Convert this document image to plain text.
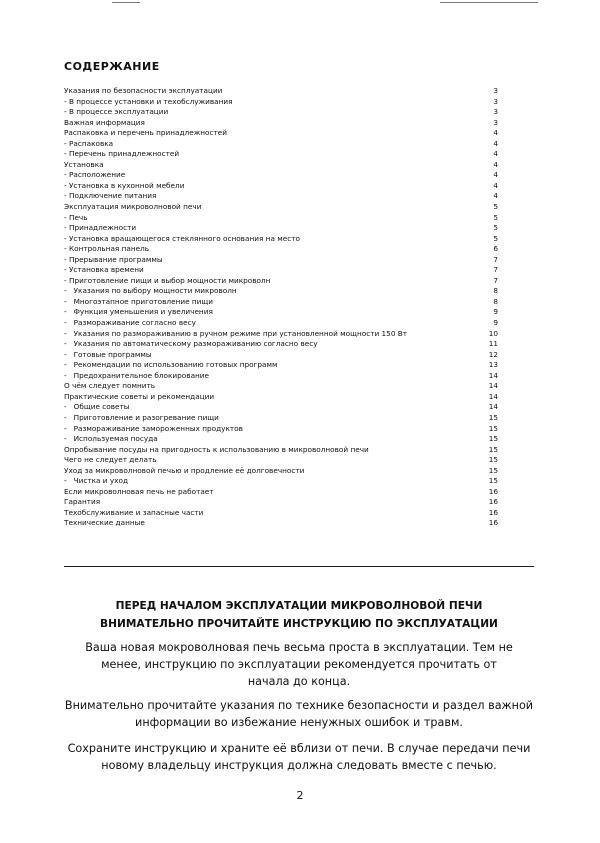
СОДЕРЖАНИЕ
Указания по безопасности эксплуатации	3
- В процессе установки и техобслуживания	3
- В процессе эксплуатации	3
Важная информация	3
Распаковка и перечень принадлежностей	4
- Распаковка	4
- Перечень принадлежностей	4
Установка	4
- Расположение	4
- Установка в кухонной мебели	4
- Подключение питания	4
Эксплуатация микроволновой печи	5
- Печь	5
- Принадлежности	5
- Установка вращающегося стеклянного основания на место	5
- Контрольная панель	6
- Прерывание программы	7
- Установка времени	7
- Приготовление пищи и выбор мощности микроволн	7
-   Указания по выбору мощности микроволн	8
-   Многоэтапное приготовление пищи	8
-   Функция уменьшения и увеличения	9
-   Размораживание согласно весу	9
-   Указания по размораживанию в ручном режиме при установленной мощности 150 Вт	10
-   Указания по автоматическому размораживанию согласно весу	11
-   Готовые программы	12
-   Рекомендации по использованию готовых программ	13
-   Предохранительное блокирование	14
О чём следует помнить	14
Практические советы и рекомендации	14
-   Общие советы	14
-   Приготовление и разогревание пищи	15
-   Размораживание замороженных продуктов	15
-   Используемая посуда	15
Опробывание посуды на пригодность к использованию в микроволновой печи	15
Чего не следует делать	15
Уход за микроволновой печью и продление её долговечности	15
-   Чистка и уход	15
Если микроволновая печь не работает	16
Гарантия	16
Техобслуживание и запасные части	16
Технические данные	16
ПЕРЕД НАЧАЛОМ ЭКСПЛУАТАЦИИ МИКРОВОЛНОВОЙ ПЕЧИ
ВНИМАТЕЛЬНО ПРОЧИТАЙТЕ ИНСТРУКЦИЮ ПО ЭКСПЛУАТАЦИИ

Ваша новая мокроволновая печь весьма проста в эксплуатации. Тем не
менее, инструкцию по эксплуатации рекомендуется прочитать от
начала до конца.

Внимательно прочитайте указания по технике безопасности и раздел важной
информации во избежание ненужных ошибок и травм.

Сохраните инструкцию и храните её вблизи от печи. В случае передачи печи
новому владельцу инструкция должна следовать вместе с печью.

2
